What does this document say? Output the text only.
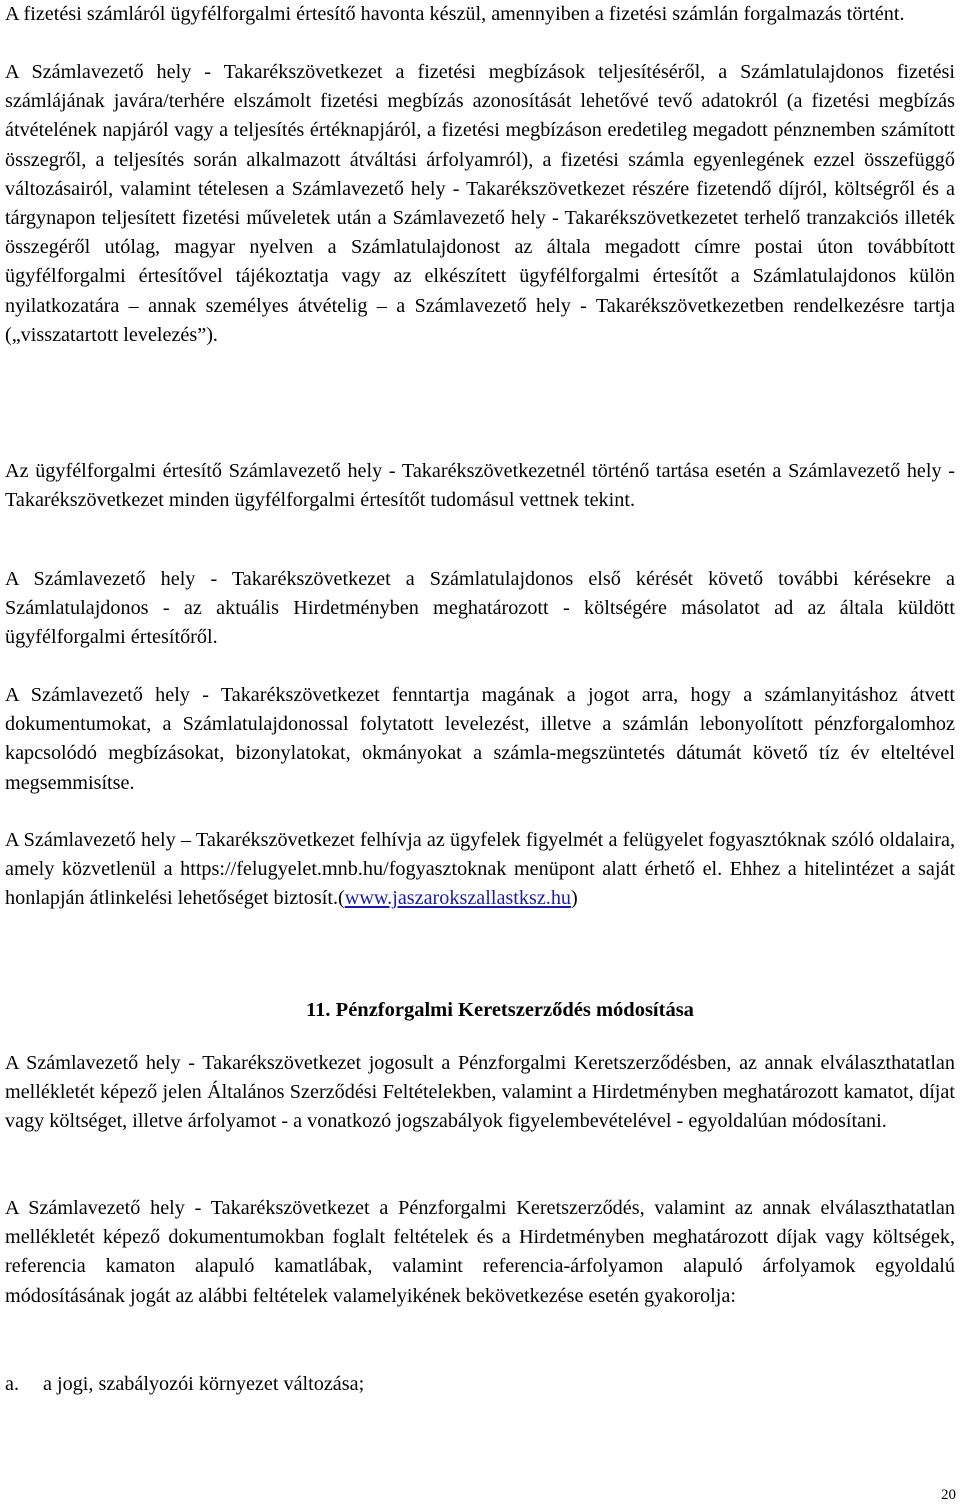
A fizetési számláról ügyfélforgalmi értesítő havonta készül, amennyiben a fizetési számlán forgalmazás történt.

A Számlavezető hely - Takarékszövetkezet a fizetési megbízások teljesítéséről, a Számlatulajdonos fizetési számlájának javára/terhére elszámolt fizetési megbízás azonosítását lehetővé tevő adatokról (a fizetési megbízás átvételének napjáról vagy a teljesítés értéknapjáról, a fizetési megbízáson eredetileg megadott pénznemben számított összegről, a teljesítés során alkalmazott átváltási árfolyamról), a fizetési számla egyenlegének ezzel összefüggő változásairól, valamint tételesen a Számlavezető hely - Takarékszövetkezet részére fizetendő díjról, költségről és a tárgynapon teljesített fizetési műveletek után a Számlavezető hely - Takarékszövetkezetet terhelő tranzakciós illeték összegéről utólag, magyar nyelven a Számlatulajdonost az általa megadott címre postai úton továbbított ügyfélforgalmi értesítővel tájékoztatja vagy az elkészített ügyfélforgalmi értesítőt a Számlatulajdonos külön nyilatkozatára – annak személyes átvételig – a Számlavezető hely - Takarékszövetkezetben rendelkezésre tartja („visszatartott levelezés”).

Az ügyfélforgalmi értesítő Számlavezető hely - Takarékszövetkezetnél történő tartása esetén a Számlavezető hely - Takarékszövetkezet minden ügyfélforgalmi értesítőt tudomásul vettnek tekint.

A Számlavezető hely - Takarékszövetkezet a Számlatulajdonos első kérését követő további kérésekre a Számlatulajdonos - az aktuális Hirdetményben meghatározott - költségére másolatot ad az általa küldött ügyfélforgalmi értesítőről.

A Számlavezető hely - Takarékszövetkezet fenntartja magának a jogot arra, hogy a számlanyitáshoz átvett dokumentumokat, a Számlatulajdonossal folytatott levelezést, illetve a számlán lebonyolított pénzforgalomhoz kapcsolódó megbízásokat, bizonylatokat, okmányokat a számla-megszüntetés dátumát követő tíz év elteltével megsemmisítse.

A Számlavezető hely – Takarékszövetkezet felhívja az ügyfelek figyelmét a felügyelet fogyasztóknak szóló oldalaira, amely közvetlenül a https://felugyelet.mnb.hu/fogyasztoknak menüpont alatt érhető el. Ehhez a hitelintézet a saját honlapján átlinkelési lehetőséget biztosít.(www.jaszarokszallastksz.hu)

11. Pénzforgalmi Keretszerződés módosítása

A Számlavezető hely - Takarékszövetkezet jogosult a Pénzforgalmi Keretszerződésben, az annak elválaszthatatlan mellékletét képező jelen Általános Szerződési Feltételekben, valamint a Hirdetményben meghatározott kamatot, díjat vagy költséget, illetve árfolyamot - a vonatkozó jogszabályok figyelembevételével - egyoldalúan módosítani.

A Számlavezető hely - Takarékszövetkezet a Pénzforgalmi Keretszerződés, valamint az annak elválaszthatatlan mellékletét képező dokumentumokban foglalt feltételek és a Hirdetményben meghatározott díjak vagy költségek, referencia kamaton alapuló kamatlábak, valamint referencia-árfolyamon alapuló árfolyamok egyoldalú módosításának jogát az alábbi feltételek valamelyikének bekövetkezése esetén gyakorolja:

a. a jogi, szabályozói környezet változása;
20
